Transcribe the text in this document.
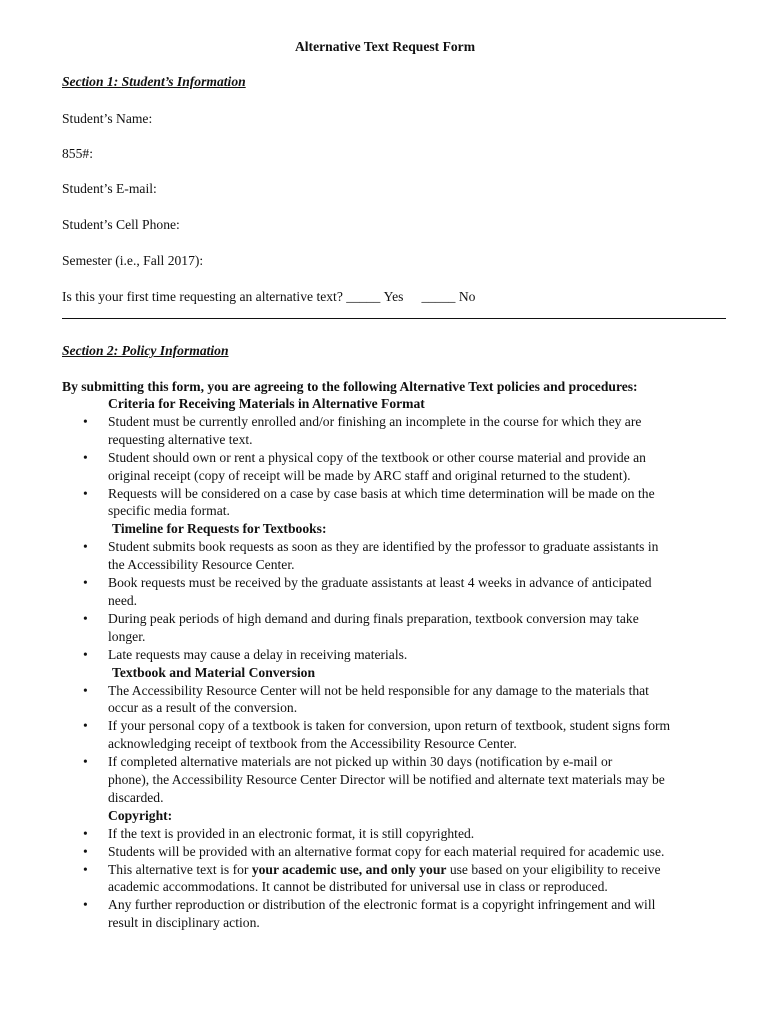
Alternative Text Request Form

Section 1: Student’s Information

Student’s Name:

855#:

Student’s E-mail:

Student’s Cell Phone:

Semester (i.e., Fall 2017):

Is this your first time requesting an alternative text? _____ Yes _____ No

Section 2: Policy Information

By submitting this form, you are agreeing to the following Alternative Text policies and procedures:

Criteria for Receiving Materials in Alternative Format

• Student must be currently enrolled and/or finishing an incomplete in the course for which they are
requesting alternative text.
• Student should own or rent a physical copy of the textbook or other course material and provide an
original receipt (copy of receipt will be made by ARC staff and original returned to the student).
• Requests will be considered on a case by case basis at which time determination will be made on the
specific media format.

Timeline for Requests for Textbooks:

• Student submits book requests as soon as they are identified by the professor to graduate assistants in
the Accessibility Resource Center.
• Book requests must be received by the graduate assistants at least 4 weeks in advance of anticipated
need.
• During peak periods of high demand and during finals preparation, textbook conversion may take
longer.
• Late requests may cause a delay in receiving materials.

Textbook and Material Conversion

• The Accessibility Resource Center will not be held responsible for any damage to the materials that
occur as a result of the conversion.
• If your personal copy of a textbook is taken for conversion, upon return of textbook, student signs form
acknowledging receipt of textbook from the Accessibility Resource Center.
• If completed alternative materials are not picked up within 30 days (notification by e-mail or
phone), the Accessibility Resource Center Director will be notified and alternate text materials may be
discarded.

Copyright:

• If the text is provided in an electronic format, it is still copyrighted.
• Students will be provided with an alternative format copy for each material required for academic use.
• This alternative text is for your academic use, and only your use based on your eligibility to receive
academic accommodations. It cannot be distributed for universal use in class or reproduced.
• Any further reproduction or distribution of the electronic format is a copyright infringement and will
result in disciplinary action.
